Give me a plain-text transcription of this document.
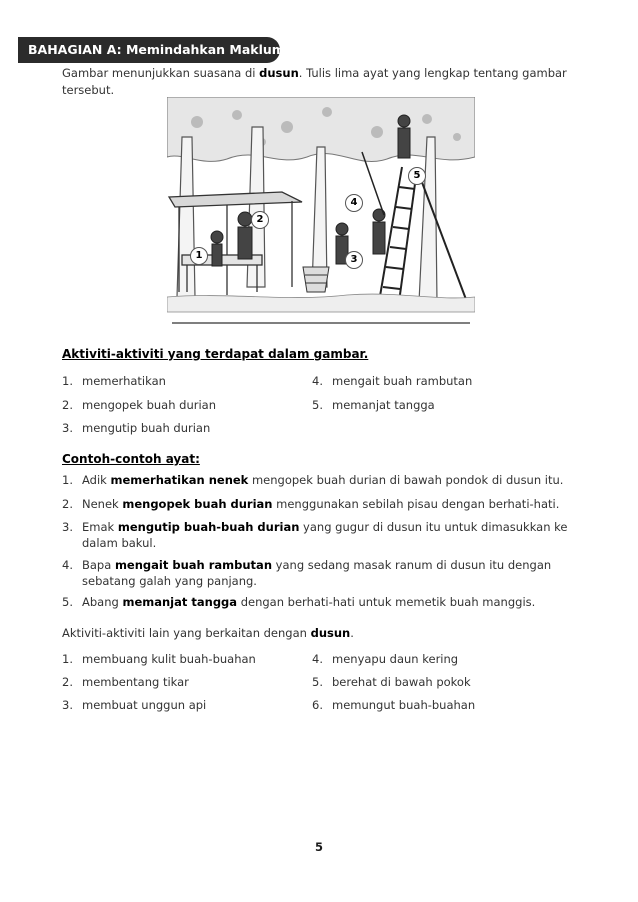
BAHAGIAN A: Memindahkan Maklumat
Gambar menunjukkan suasana di dusun. Tulis lima ayat yang lengkap tentang gambar tersebut.
1
2
3
4
5
Aktiviti-aktiviti yang terdapat dalam gambar.
1. memerhatikan
2. mengopek buah durian
3. mengutip buah durian
4. mengait buah rambutan
5. memanjat tangga
Contoh-contoh ayat:
1. Adik memerhatikan nenek mengopek buah durian di bawah pondok di dusun itu.
2. Nenek mengopek buah durian menggunakan sebilah pisau dengan berhati-hati.
3. Emak mengutip buah-buah durian yang gugur di dusun itu untuk dimasukkan ke dalam bakul.
4. Bapa mengait buah rambutan yang sedang masak ranum di dusun itu dengan sebatang galah yang panjang.
5. Abang memanjat tangga dengan berhati-hati untuk memetik buah manggis.
Aktiviti-aktiviti lain yang berkaitan dengan dusun.
1. membuang kulit buah-buahan
2. membentang tikar
3. membuat unggun api
4. menyapu daun kering
5. berehat di bawah pokok
6. memungut buah-buahan
5
